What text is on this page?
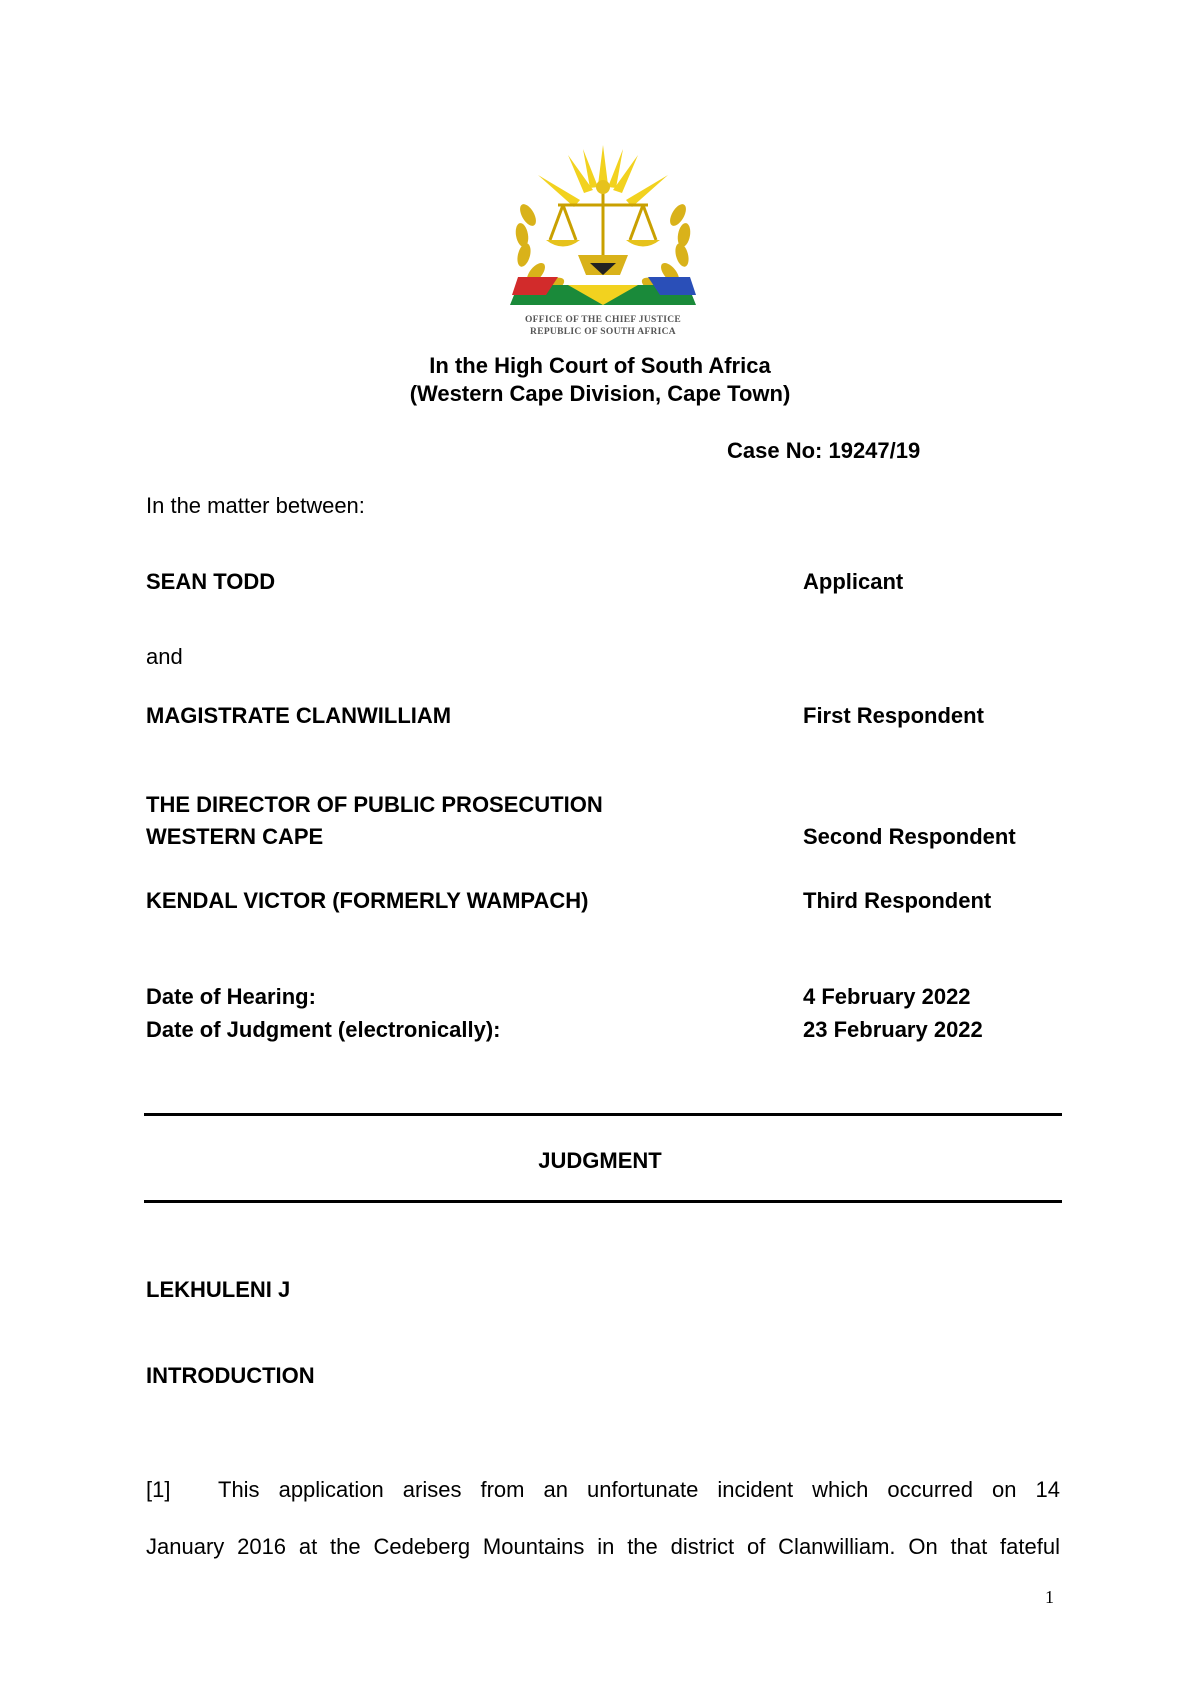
OFFICE OF THE CHIEF JUSTICE
REPUBLIC OF SOUTH AFRICA
In the High Court of South Africa
(Western Cape Division, Cape Town)
Case No: 19247/19
In the matter between:
SEAN TODD	Applicant
and
MAGISTRATE CLANWILLIAM	First Respondent
THE DIRECTOR OF PUBLIC PROSECUTION
WESTERN CAPE	Second Respondent
KENDAL VICTOR (FORMERLY WAMPACH)	Third Respondent
Date of Hearing:	4 February 2022
Date of Judgment (electronically):	23 February 2022
JUDGMENT
LEKHULENI J
INTRODUCTION
[1] This application arises from an unfortunate incident which occurred on 14
January 2016 at the Cedeberg Mountains in the district of Clanwilliam. On that fateful
1
